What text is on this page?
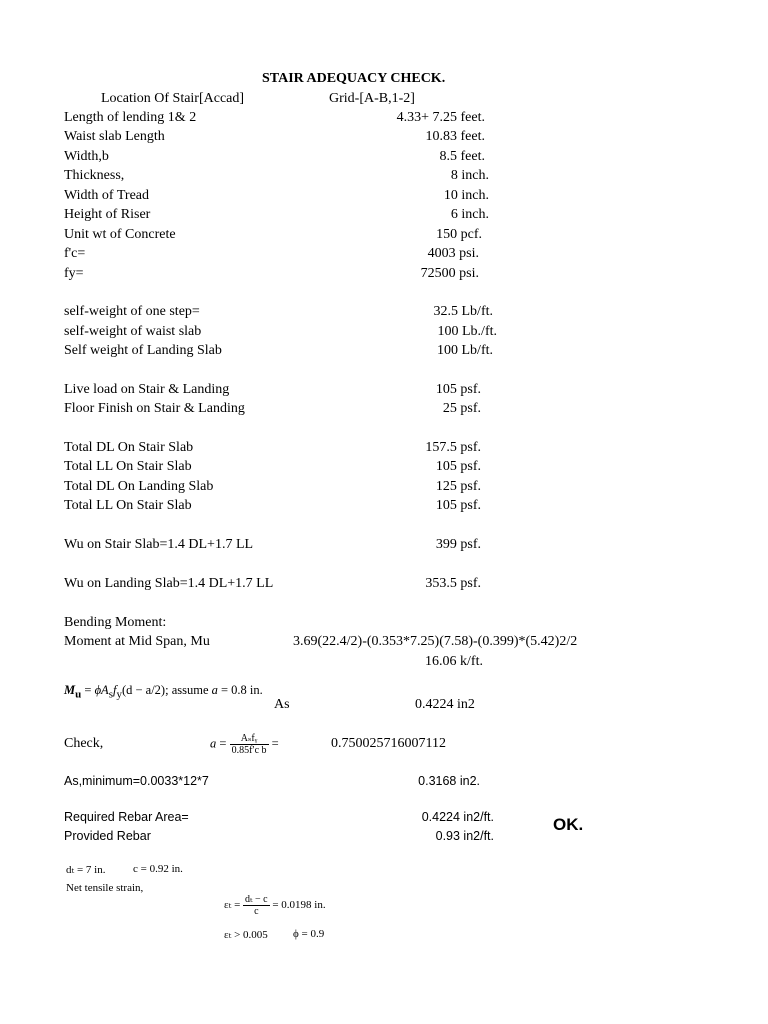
STAIR ADEQUACY CHECK.
Location Of Stair[Accad]	Grid-[A-B,1-2]
Length of lending 1& 2	4.33+ 7.25 feet.
Waist slab Length	10.83 feet.
Width,b	8.5 feet.
Thickness,	8 inch.
Width of Tread	10 inch.
Height of Riser	6 inch.
Unit wt of Concrete	150 pcf.
f'c=	4003 psi.
fy=	72500 psi.
self-weight of one step=	32.5 Lb/ft.
self-weight of waist slab	100 Lb./ft.
Self weight of Landing Slab	100 Lb/ft.
Live load on Stair & Landing	105 psf.
Floor Finish on Stair & Landing	25 psf.
Total DL On Stair Slab	157.5 psf.
Total LL On Stair Slab	105 psf.
Total DL On Landing Slab	125 psf.
Total LL On Stair Slab	105 psf.
Wu on Stair Slab=1.4 DL+1.7 LL	399 psf.
Wu on Landing Slab=1.4 DL+1.7 LL	353.5 psf.
Bending Moment:
Moment at Mid Span, Mu	3.69(22.4/2)-(0.353*7.25)(7.58)-(0.399)*(5.42)2/2
16.06 k/ft.
$M_u = \phi A_sf_y(d - a/2)$; assume a = 0.8 in.
As	0.4224 in2
Check,	$a = \frac{\text{Aₛfᵧ}}{\text{0.85f′c b}}$ =	0.750025716007112
As,minimum=0.0033*12*7	0.3168 in2.
Required Rebar Area=	0.4224 in2/ft.
Provided Rebar	0.93 in2/ft.
OK.
dₜ = 7 in.	c = 0.92 in.
Net tensile strain,
$\varepsilon_t = \frac{\text{dₜ − c}}{c} = 0.0198$ in.
εₜ > 0.005 ϕ = 0.9
